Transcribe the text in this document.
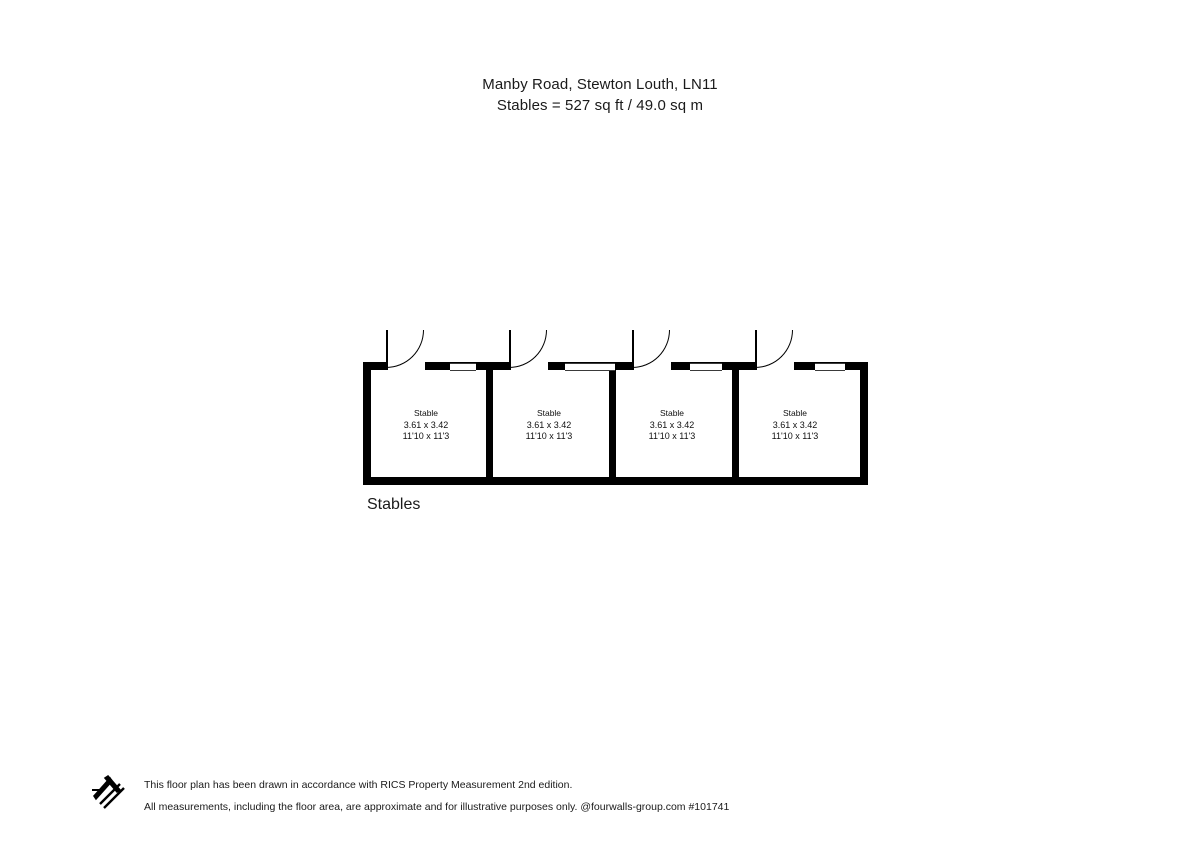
Manby Road, Stewton Louth, LN11
Stables = 527 sq ft / 49.0 sq m
Stable
3.61 x 3.42
11'10 x 11'3
Stable
3.61 x 3.42
11'10 x 11'3
Stable
3.61 x 3.42
11'10 x 11'3
Stable
3.61 x 3.42
11'10 x 11'3
Stables
This floor plan has been drawn in accordance with RICS Property Measurement 2nd edition.
All measurements, including the floor area, are approximate and for illustrative purposes only. @fourwalls-group.com #101741
